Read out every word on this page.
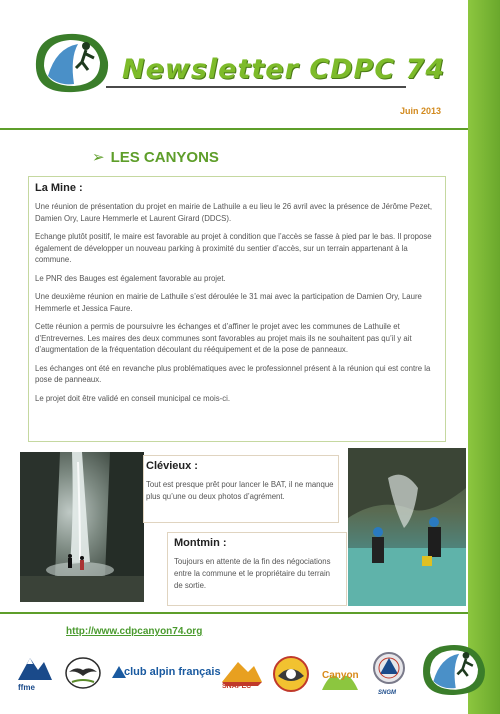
Newsletter CDPC 74
Juin 2013
➢ LES CANYONS
La Mine :

Une réunion de présentation du projet en mairie de Lathuile a eu lieu le 26 avril avec la présence de Jérôme Pezet, Damien Ory, Laure Hemmerle et Laurent Girard (DDCS).

Echange plutôt positif, le maire est favorable au projet à condition que l’accès se fasse à pied par le bas. Il propose également de développer un nouveau parking à proximité du sentier d’accès, sur un terrain appartenant à la commune.

Le PNR des Bauges est également favorable au projet.

Une deuxième réunion en mairie de Lathuile s’est déroulée le 31 mai avec la participation de Damien Ory, Laure Hemmerle et Jessica Faure.

Cette réunion a permis de poursuivre les échanges et d’affiner le projet avec les communes de Lathuile et d’Entrevernes. Les maires des deux communes sont favorables au projet mais ils ne souhaitent pas qu’il y ait d’augmentation de la fréquentation découlant du rééquipement et de la pose de panneaux.

Les échanges ont été en revanche plus problématiques avec le professionnel présent à la réunion qui est contre la pose de panneaux.

Le projet doit être validé en conseil municipal ce mois-ci.

Clévieux :

Tout est presque prêt pour lancer le BAT, il ne manque plus qu’une ou deux photos d’agrément.

Montmin :

Toujours en attente de la fin des négociations entre la commune et le propriétaire du terrain de sortie.

http://www.cdpcanyon74.org
ffme
club alpin français
SNAPEC
Canyon
SNGM
